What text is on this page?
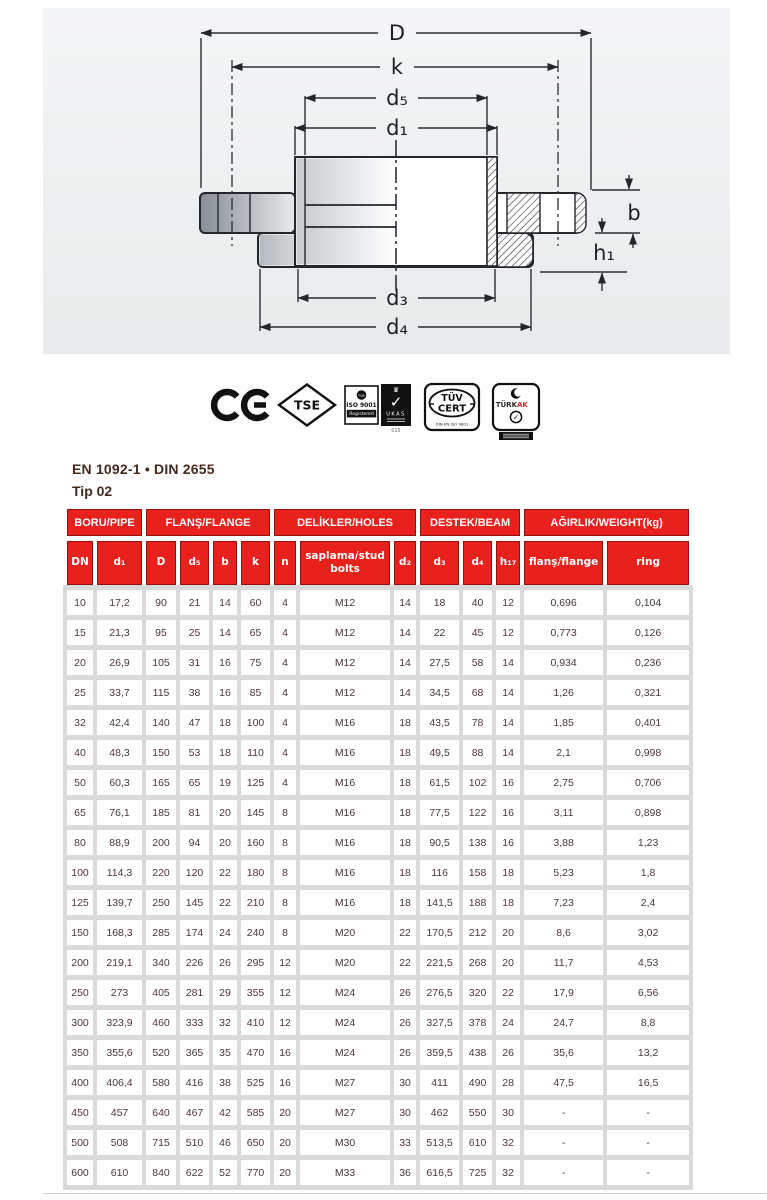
D
k
d₅
d₁
d₃
d₄
b
h₁
TSE
hqa
ISO 9001
Registered
♛
✓
UKAS
015
TÜV
CERT
DIN EN ISO 9001
TÜRK AK
✓
EN 1092-1 • DIN 2655
Tip 02
BORU/PIPE		FLANŞ/FLANGE				DELİKLER/HOLES			DESTEK/BEAM			AĞIRLIK/WEIGHT(kg)	
DN	d₁	D	d₅	b	k	n	saplama/stud bolts	d₂	d₃	d₄	h₁₇	flanş/flange	ring
10	17,2	90	21	14	60	4	M12	14	18	40	12	0,696	0,104
15	21,3	95	25	14	65	4	M12	14	22	45	12	0,773	0,126
20	26,9	105	31	16	75	4	M12	14	27,5	58	14	0,934	0,236
25	33,7	115	38	16	85	4	M12	14	34,5	68	14	1,26	0,321
32	42,4	140	47	18	100	4	M16	18	43,5	78	14	1,85	0,401
40	48,3	150	53	18	110	4	M16	18	49,5	88	14	2,1	0,998
50	60,3	165	65	19	125	4	M16	18	61,5	102	16	2,75	0,706
65	76,1	185	81	20	145	8	M16	18	77,5	122	16	3,11	0,898
80	88,9	200	94	20	160	8	M16	18	90,5	138	16	3,88	1,23
100	114,3	220	120	22	180	8	M16	18	116	158	18	5,23	1,8
125	139,7	250	145	22	210	8	M16	18	141,5	188	18	7,23	2,4
150	168,3	285	174	24	240	8	M20	22	170,5	212	20	8,6	3,02
200	219,1	340	226	26	295	12	M20	22	221,5	268	20	11,7	4,53
250	273	405	281	29	355	12	M24	26	276,5	320	22	17,9	6,56
300	323,9	460	333	32	410	12	M24	26	327,5	378	24	24,7	8,8
350	355,6	520	365	35	470	16	M24	26	359,5	438	26	35,6	13,2
400	406,4	580	416	38	525	16	M27	30	411	490	28	47,5	16,5
450	457	640	467	42	585	20	M27	30	462	550	30	-	-
500	508	715	510	46	650	20	M30	33	513,5	610	32	-	-
600	610	840	622	52	770	20	M33	36	616,5	725	32	-	-
